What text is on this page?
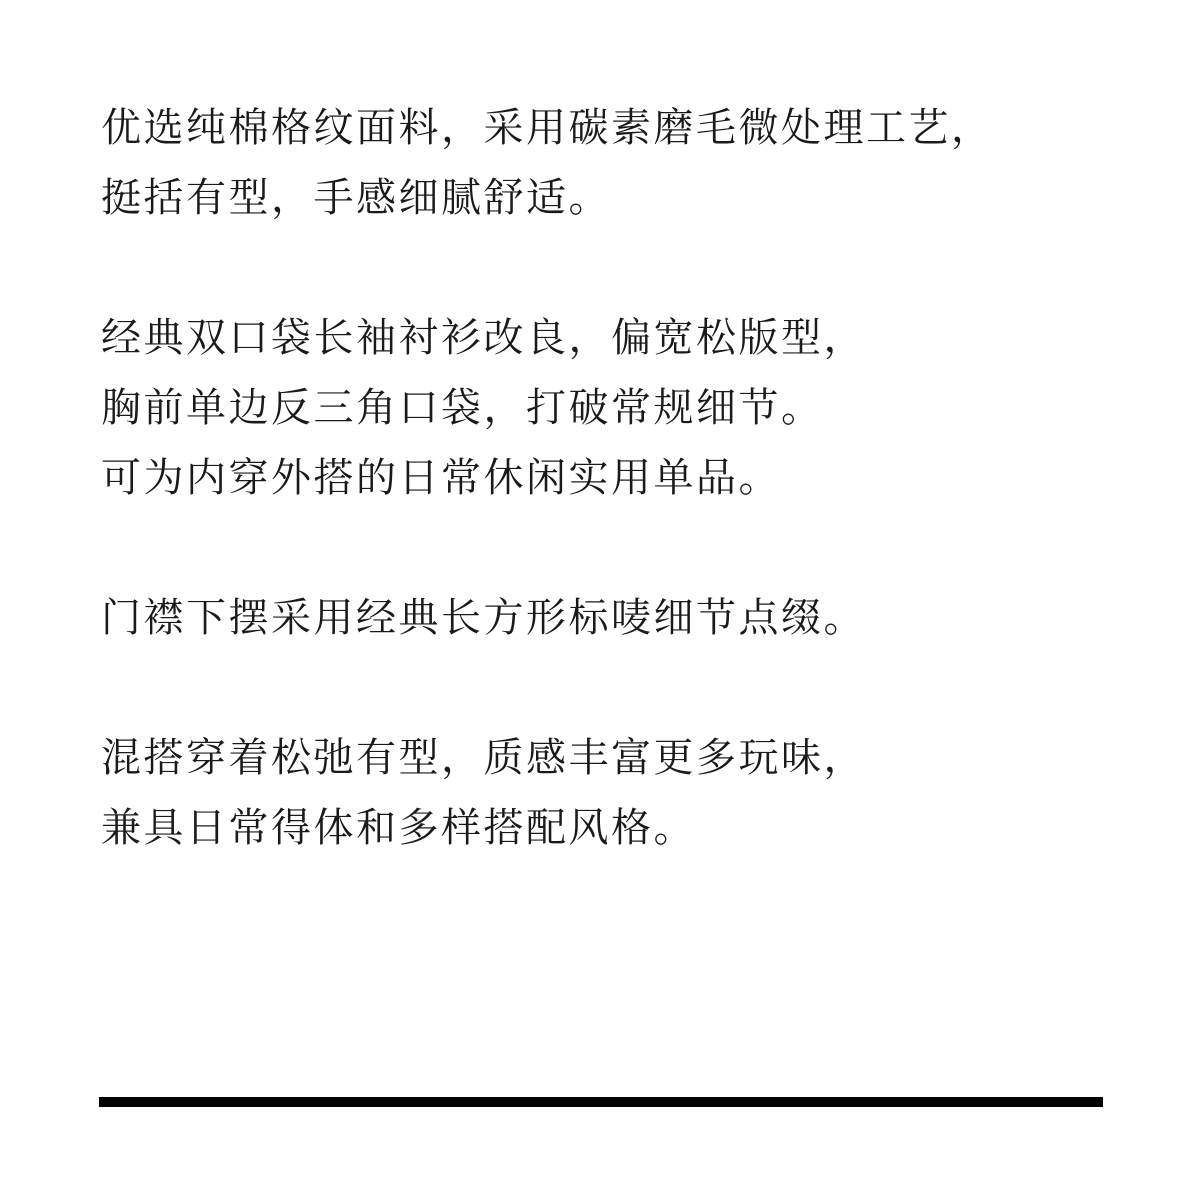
优选纯棉格纹面料，采用碳素磨毛微处理工艺，
挺括有型，手感细腻舒适。
经典双口袋长袖衬衫改良，偏宽松版型，
胸前单边反三角口袋，打破常规细节。
可为内穿外搭的日常休闲实用单品。
门襟下摆采用经典长方形标唛细节点缀。
混搭穿着松弛有型，质感丰富更多玩味，
兼具日常得体和多样搭配风格。
